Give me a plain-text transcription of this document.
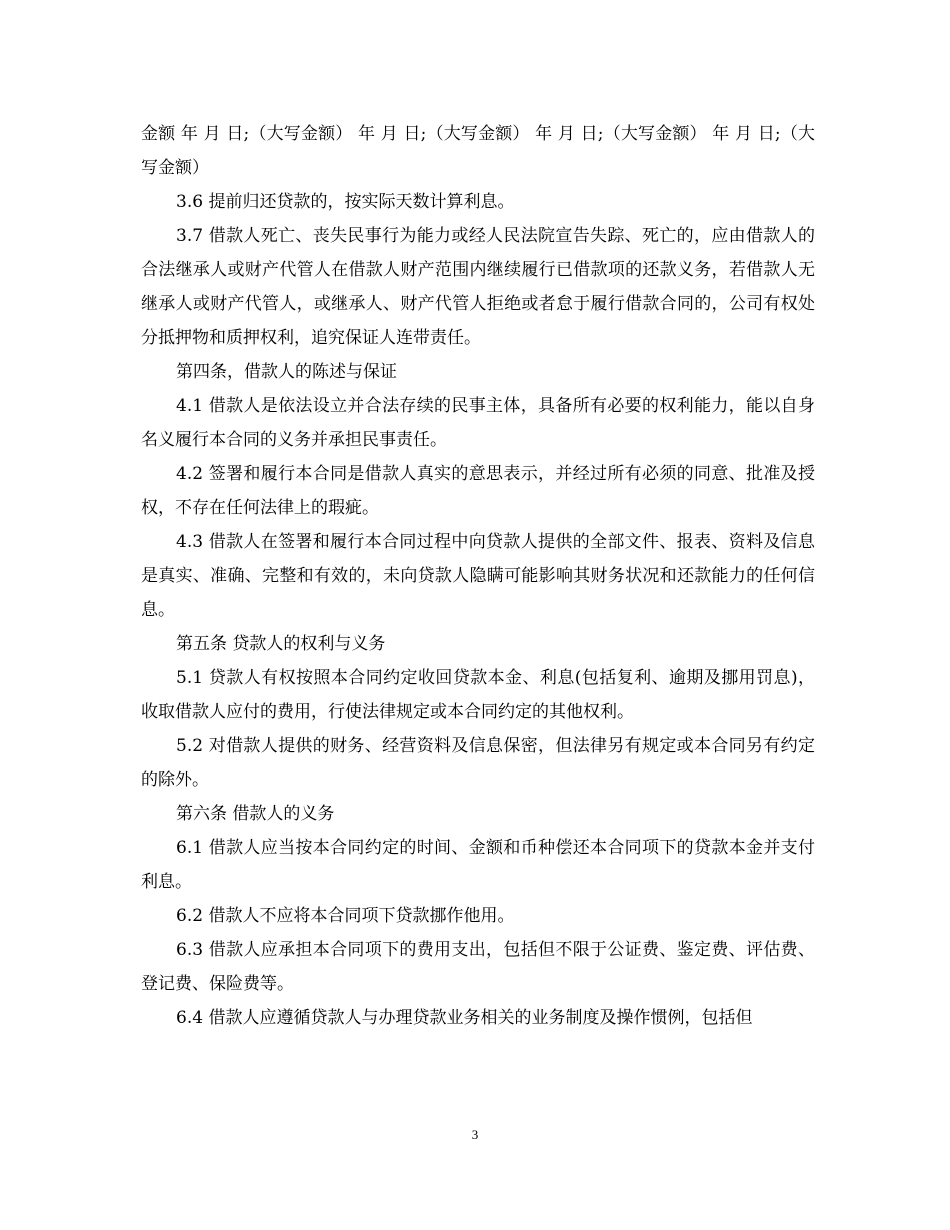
金额 年 月 日;（大写金额） 年 月 日;（大写金额） 年 月 日;（大写金额） 年 月 日;（大写金额）

3.6 提前归还贷款的，按实际天数计算利息。

3.7 借款人死亡、丧失民事行为能力或经人民法院宣告失踪、死亡的，应由借款人的合法继承人或财产代管人在借款人财产范围内继续履行已借款项的还款义务，若借款人无继承人或财产代管人，或继承人、财产代管人拒绝或者怠于履行借款合同的，公司有权处分抵押物和质押权利，追究保证人连带责任。

第四条，借款人的陈述与保证

4.1 借款人是依法设立并合法存续的民事主体，具备所有必要的权利能力，能以自身名义履行本合同的义务并承担民事责任。

4.2 签署和履行本合同是借款人真实的意思表示，并经过所有必须的同意、批准及授权，不存在任何法律上的瑕疵。

4.3 借款人在签署和履行本合同过程中向贷款人提供的全部文件、报表、资料及信息是真实、准确、完整和有效的，未向贷款人隐瞒可能影响其财务状况和还款能力的任何信息。

第五条 贷款人的权利与义务

5.1 贷款人有权按照本合同约定收回贷款本金、利息(包括复利、逾期及挪用罚息)，收取借款人应付的费用，行使法律规定或本合同约定的其他权利。

5.2 对借款人提供的财务、经营资料及信息保密，但法律另有规定或本合同另有约定的除外。

第六条 借款人的义务

6.1 借款人应当按本合同约定的时间、金额和币种偿还本合同项下的贷款本金并支付利息。

6.2 借款人不应将本合同项下贷款挪作他用。

6.3 借款人应承担本合同项下的费用支出，包括但不限于公证费、鉴定费、评估费、登记费、保险费等。

6.4 借款人应遵循贷款人与办理贷款业务相关的业务制度及操作惯例，包括但

3
